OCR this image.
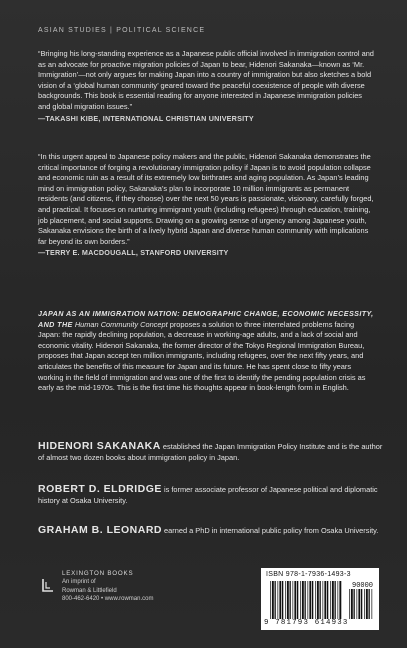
ASIAN STUDIES | POLITICAL SCIENCE

“Bringing his long-standing experience as a Japanese public official involved in immigration control and as an advocate for proactive migration policies of Japan to bear, Hidenori Sakanaka—known as ‘Mr. Immigration’—not only argues for making Japan into a country of immigration but also sketches a bold vision of a ‘global human community’ geared toward the peaceful coexistence of people with diverse backgrounds. This book is essential reading for anyone interested in Japanese immigration policies and global migration issues.”

—TAKASHI KIBE, INTERNATIONAL CHRISTIAN UNIVERSITY

“In this urgent appeal to Japanese policy makers and the public, Hidenori Sakanaka demonstrates the critical importance of forging a revolutionary immigration policy if Japan is to avoid population collapse and economic ruin as a result of its extremely low birthrates and aging population. As Japan’s leading mind on immigration policy, Sakanaka’s plan to incorporate 10 million immigrants as permanent residents (and citizens, if they choose) over the next 50 years is passionate, visionary, carefully forged, and practical. It focuses on nurturing immigrant youth (including refugees) through education, training, job placement, and social supports. Drawing on a growing sense of urgency among Japanese youth, Sakanaka envisions the birth of a lively hybrid Japan and diverse human community with implications far beyond its own borders.”

—TERRY E. MACDOUGALL, STANFORD UNIVERSITY
JAPAN AS AN IMMIGRATION NATION: DEMOGRAPHIC CHANGE, ECONOMIC NECESSITY, AND THE Human Community Concept proposes a solution to three interrelated problems facing Japan: the rapidly declining population, a decrease in working-age adults, and a lack of social and economic vitality. Hidenori Sakanaka, the former director of the Tokyo Regional Immigration Bureau, proposes that Japan accept ten million immigrants, including refugees, over the next fifty years, and articulates the benefits of this measure for Japan and its future. He has spent close to fifty years working in the field of immigration and was one of the first to identify the pending population crisis as early as the mid-1970s. This is the first time his thoughts appear in book-length form in English.
HIDENORI SAKANAKA established the Japan Immigration Policy Institute and is the author of almost two dozen books about immigration policy in Japan.
ROBERT D. ELDRIDGE is former associate professor of Japanese political and diplomatic history at Osaka University.
GRAHAM B. LEONARD earned a PhD in international public policy from Osaka University.
LEXINGTON BOOKS
An imprint of
Rowman & Littlefield
800-462-6420 • www.rowman.com
ISBN 978-1-7936-1493-3
90000
9 781793 614933
